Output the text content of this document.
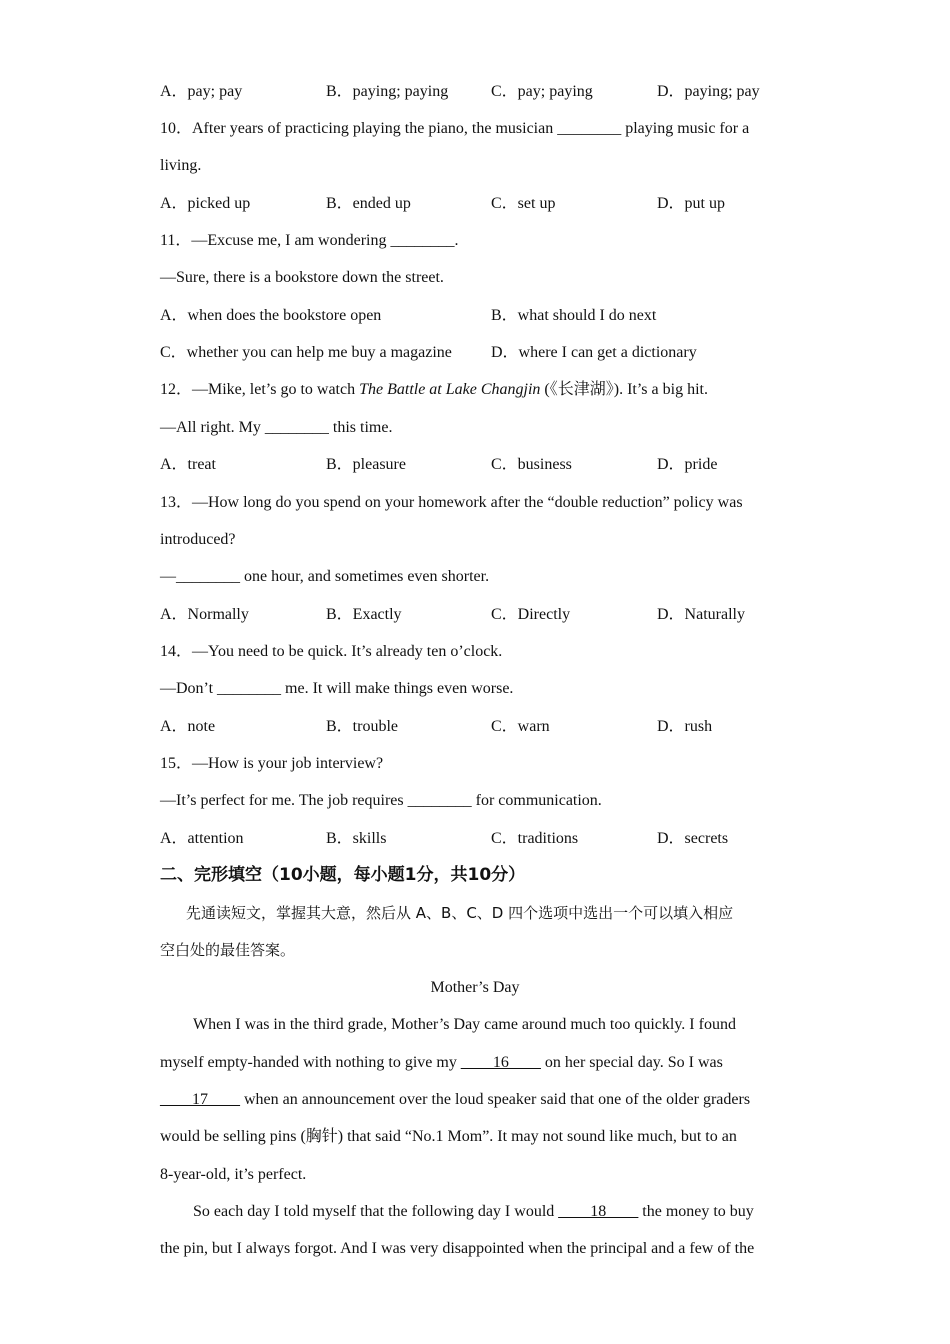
A．pay; pay	B．paying; paying	C．pay; paying	D．paying; pay
10．After years of practicing playing the piano, the musician ________ playing music for a
living.
A．picked up	B．ended up	C．set up	D．put up
11．—Excuse me, I am wondering ________.
—Sure, there is a bookstore down the street.
A．when does the bookstore open	B．what should I do next
C．whether you can help me buy a magazine D．where I can get a dictionary
12．—Mike, let’s go to watch The Battle at Lake Changjin (《长津湖》). It’s a big hit.
—All right. My ________ this time.
A．treat	B．pleasure	C．business	D．pride
13．—How long do you spend on your homework after the “double reduction” policy was
introduced?
—________ one hour, and sometimes even shorter.
A．Normally	B．Exactly	C．Directly	D．Naturally
14．—You need to be quick. It’s already ten o’clock.
—Don’t ________ me. It will make things even worse.
A．note	B．trouble	C．warn	D．rush
15．—How is your job interview?
—It’s perfect for me. The job requires ________ for communication.
A．attention	B．skills	C．traditions	D．secrets
二、完形填空（10小题，每小题1分，共10分）
先通读短文，掌握其大意，然后从 A、B、C、D 四个选项中选出一个可以填入相应
空白处的最佳答案。
Mother’s Day
When I was in the third grade, Mother’s Day came around much too quickly. I found
myself empty-handed with nothing to give my ____16____ on her special day. So I was
____17____ when an announcement over the loud speaker said that one of the older graders
would be selling pins (胸针) that said “No.1 Mom”. It may not sound like much, but to an
8-year-old, it’s perfect.
So each day I told myself that the following day I would ____18____ the money to buy
the pin, but I always forgot. And I was very disappointed when the principal and a few of the
